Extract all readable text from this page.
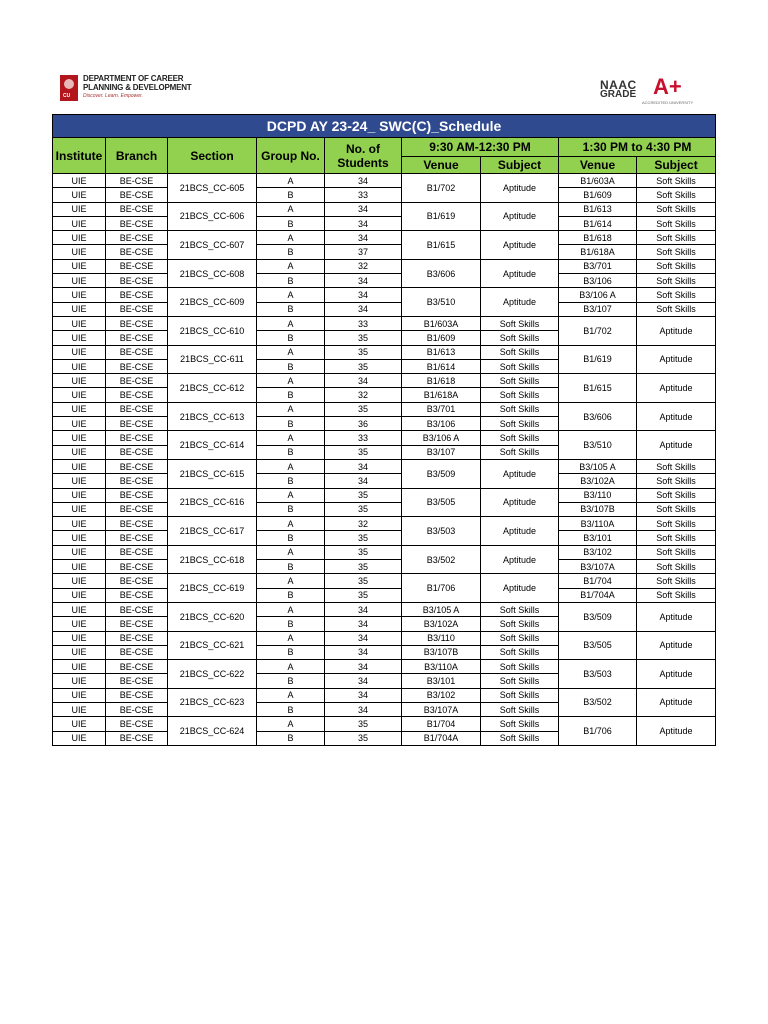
CU
DEPARTMENT OF CAREER
PLANNING & DEVELOPMENT
Discover. Learn. Empower.
NAAC
GRADE A+
ACCREDITED UNIVERSITY
DCPD AY 23-24_ SWC(C)_Schedule								
Institute	Branch	Section	Group No.	No. of Students	9:30 AM-12:30 PM		1:30 PM to 4:30 PM	
					Venue	Subject	Venue	Subject
UIE	BE-CSE	21BCS_CC-605	A	34	B1/702	Aptitude	B1/603A	Soft Skills
UIE	BE-CSE		B	33			B1/609	Soft Skills
UIE	BE-CSE	21BCS_CC-606	A	34	B1/619	Aptitude	B1/613	Soft Skills
UIE	BE-CSE		B	34			B1/614	Soft Skills
UIE	BE-CSE	21BCS_CC-607	A	34	B1/615	Aptitude	B1/618	Soft Skills
UIE	BE-CSE		B	37			B1/618A	Soft Skills
UIE	BE-CSE	21BCS_CC-608	A	32	B3/606	Aptitude	B3/701	Soft Skills
UIE	BE-CSE		B	34			B3/106	Soft Skills
UIE	BE-CSE	21BCS_CC-609	A	34	B3/510	Aptitude	B3/106 A	Soft Skills
UIE	BE-CSE		B	34			B3/107	Soft Skills
UIE	BE-CSE	21BCS_CC-610	A	33	B1/603A	Soft Skills	B1/702	Aptitude
UIE	BE-CSE		B	35	B1/609	Soft Skills		
UIE	BE-CSE	21BCS_CC-611	A	35	B1/613	Soft Skills	B1/619	Aptitude
UIE	BE-CSE		B	35	B1/614	Soft Skills		
UIE	BE-CSE	21BCS_CC-612	A	34	B1/618	Soft Skills	B1/615	Aptitude
UIE	BE-CSE		B	32	B1/618A	Soft Skills		
UIE	BE-CSE	21BCS_CC-613	A	35	B3/701	Soft Skills	B3/606	Aptitude
UIE	BE-CSE		B	36	B3/106	Soft Skills		
UIE	BE-CSE	21BCS_CC-614	A	33	B3/106 A	Soft Skills	B3/510	Aptitude
UIE	BE-CSE		B	35	B3/107	Soft Skills		
UIE	BE-CSE	21BCS_CC-615	A	34	B3/509	Aptitude	B3/105 A	Soft Skills
UIE	BE-CSE		B	34			B3/102A	Soft Skills
UIE	BE-CSE	21BCS_CC-616	A	35	B3/505	Aptitude	B3/110	Soft Skills
UIE	BE-CSE		B	35			B3/107B	Soft Skills
UIE	BE-CSE	21BCS_CC-617	A	32	B3/503	Aptitude	B3/110A	Soft Skills
UIE	BE-CSE		B	35			B3/101	Soft Skills
UIE	BE-CSE	21BCS_CC-618	A	35	B3/502	Aptitude	B3/102	Soft Skills
UIE	BE-CSE		B	35			B3/107A	Soft Skills
UIE	BE-CSE	21BCS_CC-619	A	35	B1/706	Aptitude	B1/704	Soft Skills
UIE	BE-CSE		B	35			B1/704A	Soft Skills
UIE	BE-CSE	21BCS_CC-620	A	34	B3/105 A	Soft Skills	B3/509	Aptitude
UIE	BE-CSE		B	34	B3/102A	Soft Skills		
UIE	BE-CSE	21BCS_CC-621	A	34	B3/110	Soft Skills	B3/505	Aptitude
UIE	BE-CSE		B	34	B3/107B	Soft Skills		
UIE	BE-CSE	21BCS_CC-622	A	34	B3/110A	Soft Skills	B3/503	Aptitude
UIE	BE-CSE		B	34	B3/101	Soft Skills		
UIE	BE-CSE	21BCS_CC-623	A	34	B3/102	Soft Skills	B3/502	Aptitude
UIE	BE-CSE		B	34	B3/107A	Soft Skills		
UIE	BE-CSE	21BCS_CC-624	A	35	B1/704	Soft Skills	B1/706	Aptitude
UIE	BE-CSE		B	35	B1/704A	Soft Skills		
